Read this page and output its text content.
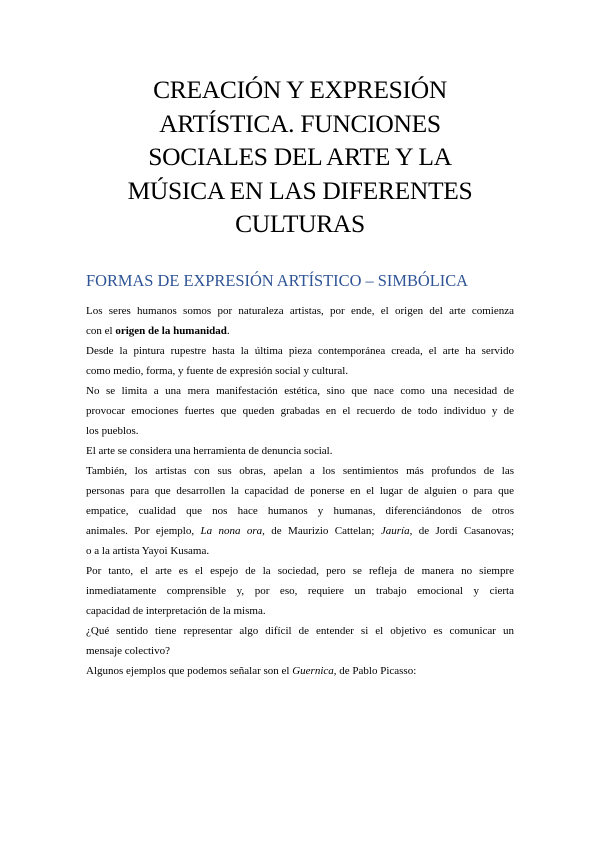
CREACIÓN Y EXPRESIÓN
ARTÍSTICA. FUNCIONES
SOCIALES DEL ARTE Y LA
MÚSICA EN LAS DIFERENTES
CULTURAS
FORMAS DE EXPRESIÓN ARTÍSTICO – SIMBÓLICA

Los seres humanos somos por naturaleza artistas, por ende, el origen del arte comienza
con el origen de la humanidad.

Desde la pintura rupestre hasta la última pieza contemporánea creada, el arte ha servido
como medio, forma, y fuente de expresión social y cultural.

No se limita a una mera manifestación estética, sino que nace como una necesidad de
provocar emociones fuertes que queden grabadas en el recuerdo de todo individuo y de
los pueblos.

El arte se considera una herramienta de denuncia social.

También, los artistas con sus obras, apelan a los sentimientos más profundos de las
personas para que desarrollen la capacidad de ponerse en el lugar de alguien o para que
empatice, cualidad que nos hace humanos y humanas, diferenciándonos de otros
animales. Por ejemplo, La nona ora, de Maurizio Cattelan; Jauría, de Jordi Casanovas;
o a la artista Yayoi Kusama.

Por tanto, el arte es el espejo de la sociedad, pero se refleja de manera no siempre
inmediatamente comprensible y, por eso, requiere un trabajo emocional y cierta
capacidad de interpretación de la misma.

¿Qué sentido tiene representar algo difícil de entender si el objetivo es comunicar un
mensaje colectivo?

Algunos ejemplos que podemos señalar son el Guernica, de Pablo Picasso:
